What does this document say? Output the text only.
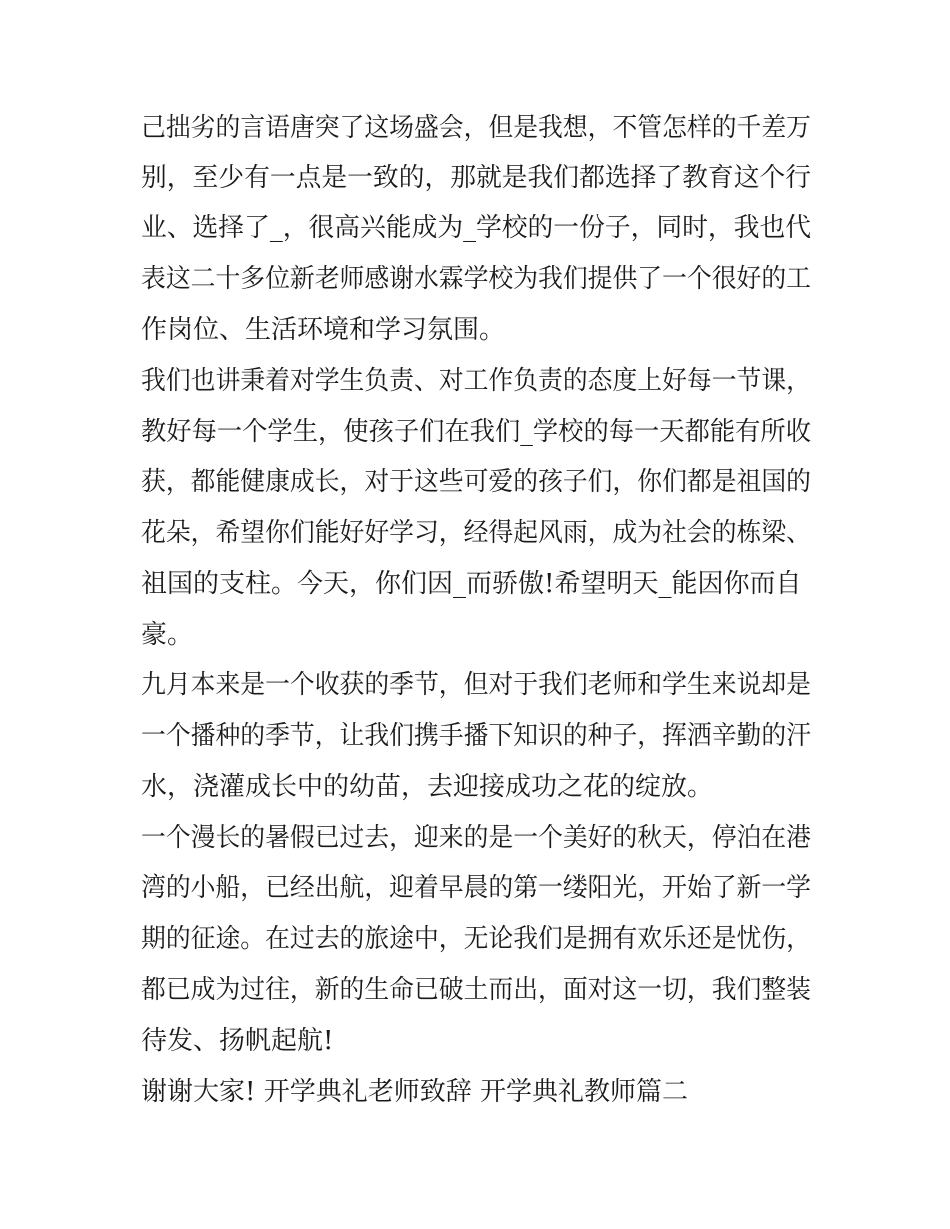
己拙劣的言语唐突了这场盛会，但是我想，不管怎样的千差万
别，至少有一点是一致的，那就是我们都选择了教育这个行
业、选择了_，很高兴能成为_学校的一份子，同时，我也代
表这二十多位新老师感谢水霖学校为我们提供了一个很好的工
作岗位、生活环境和学习氛围。
我们也讲秉着对学生负责、对工作负责的态度上好每一节课，
教好每一个学生，使孩子们在我们_学校的每一天都能有所收
获，都能健康成长，对于这些可爱的孩子们，你们都是祖国的
花朵，希望你们能好好学习，经得起风雨，成为社会的栋梁、
祖国的支柱。今天，你们因_而骄傲!希望明天_能因你而自
豪。
九月本来是一个收获的季节，但对于我们老师和学生来说却是
一个播种的季节，让我们携手播下知识的种子，挥洒辛勤的汗
水，浇灌成长中的幼苗，去迎接成功之花的绽放。
一个漫长的暑假已过去，迎来的是一个美好的秋天，停泊在港
湾的小船，已经出航，迎着早晨的第一缕阳光，开始了新一学
期的征途。在过去的旅途中，无论我们是拥有欢乐还是忧伤，
都已成为过往，新的生命已破土而出，面对这一切，我们整装
待发、扬帆起航!
谢谢大家! 开学典礼老师致辞 开学典礼教师篇二
